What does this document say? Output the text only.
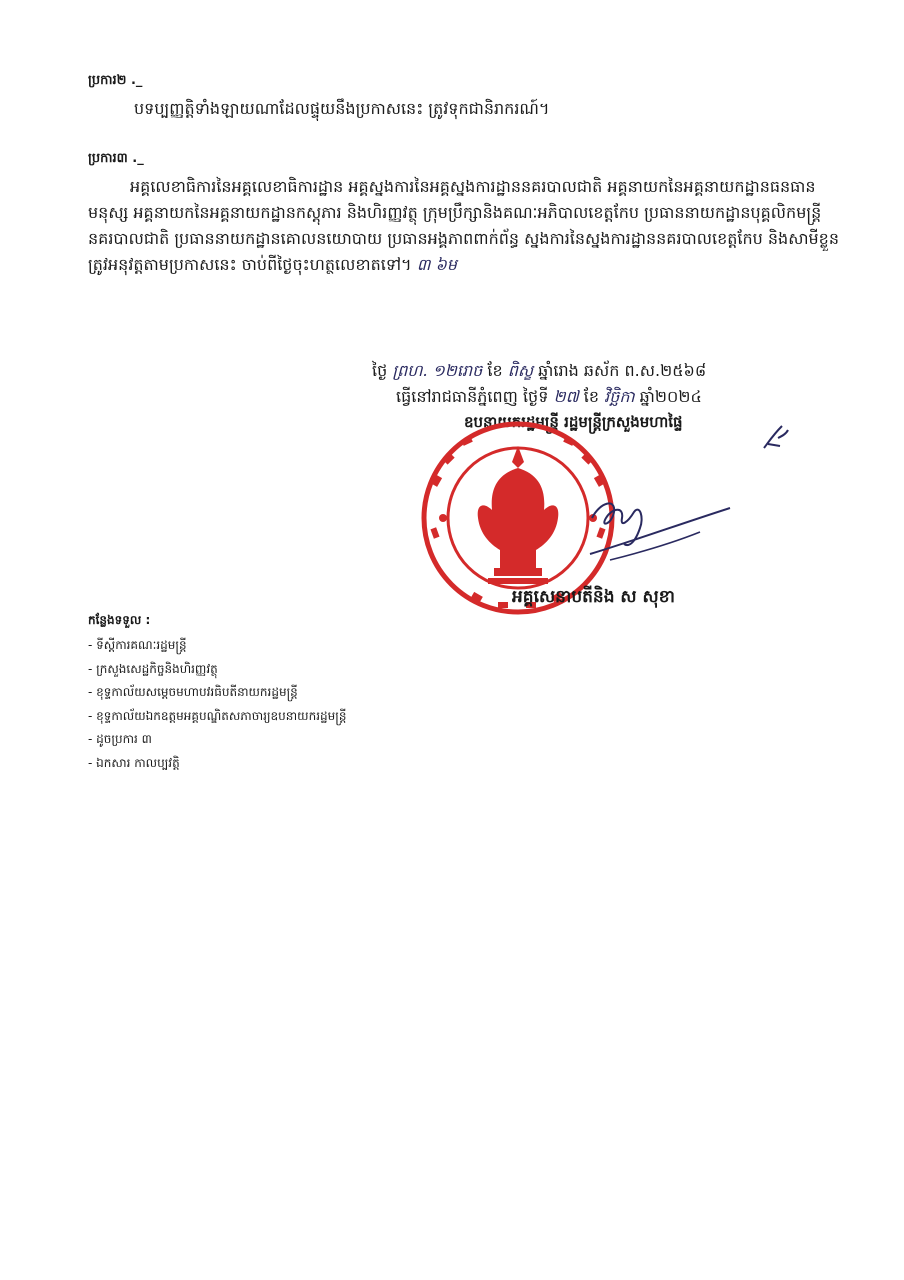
ប្រការ២ ._
បទប្បញ្ញត្តិទាំងឡាយណាដែលផ្ទុយនឹងប្រកាសនេះ ត្រូវទុកជានិរាករណ៍។
ប្រការ៣ ._
អគ្គលេខាធិការនៃអគ្គលេខាធិការដ្ឋាន អគ្គស្នងការនៃអគ្គស្នងការដ្ឋាននគរបាលជាតិ អគ្គនាយកនៃអគ្គនាយកដ្ឋានធនធានមនុស្ស អគ្គនាយកនៃអគ្គនាយកដ្ឋានកស្តុភារ និងហិរញ្ញវត្ថុ ក្រុមប្រឹក្សានិងគណៈអភិបាលខេត្តកែប ប្រធាននាយកដ្ឋានបុគ្គលិកមន្ត្រីនគរបាលជាតិ ប្រធាននាយកដ្ឋានគោលនយោបាយ ប្រធានអង្គភាពពាក់ព័ន្ធ ស្នងការនៃស្នងការដ្ឋាននគរបាលខេត្តកែប និងសាមីខ្លួនត្រូវអនុវត្តតាមប្រកាសនេះ ចាប់ពីថ្ងៃចុះហត្ថលេខាតទៅ។ ៣ ៦ម
ថ្ងៃ ព្រហ. ១២រោច ខែ ពិស្ខ ឆ្នាំរោង ឆស័ក ព.ស.២៥៦៨
ធ្វើនៅរាជធានីភ្នំពេញ ថ្ងៃទី ២៧ ខែ វិច្ឆិកា ឆ្នាំ២០២៤
ឧបនាយករដ្ឋមន្ត្រី រដ្ឋមន្ត្រីក្រសួងមហាផ្ទៃ
អគ្គសេនាបតីនិង ស សុខា
កន្លែងទទួល :
- ទីស្តីការគណៈរដ្ឋមន្ត្រី
- ក្រសួងសេដ្ឋកិច្ចនិងហិរញ្ញវត្ថុ
- ខុទ្ទកាល័យសម្តេចមហាបវរធិបតីនាយករដ្ឋមន្ត្រី
- ខុទ្ទកាល័យឯកឧត្តមអគ្គបណ្ឌិតសភាចារ្យឧបនាយករដ្ឋមន្ត្រី
- ដូចប្រការ ៣
- ឯកសារ កាលប្បវត្តិ
